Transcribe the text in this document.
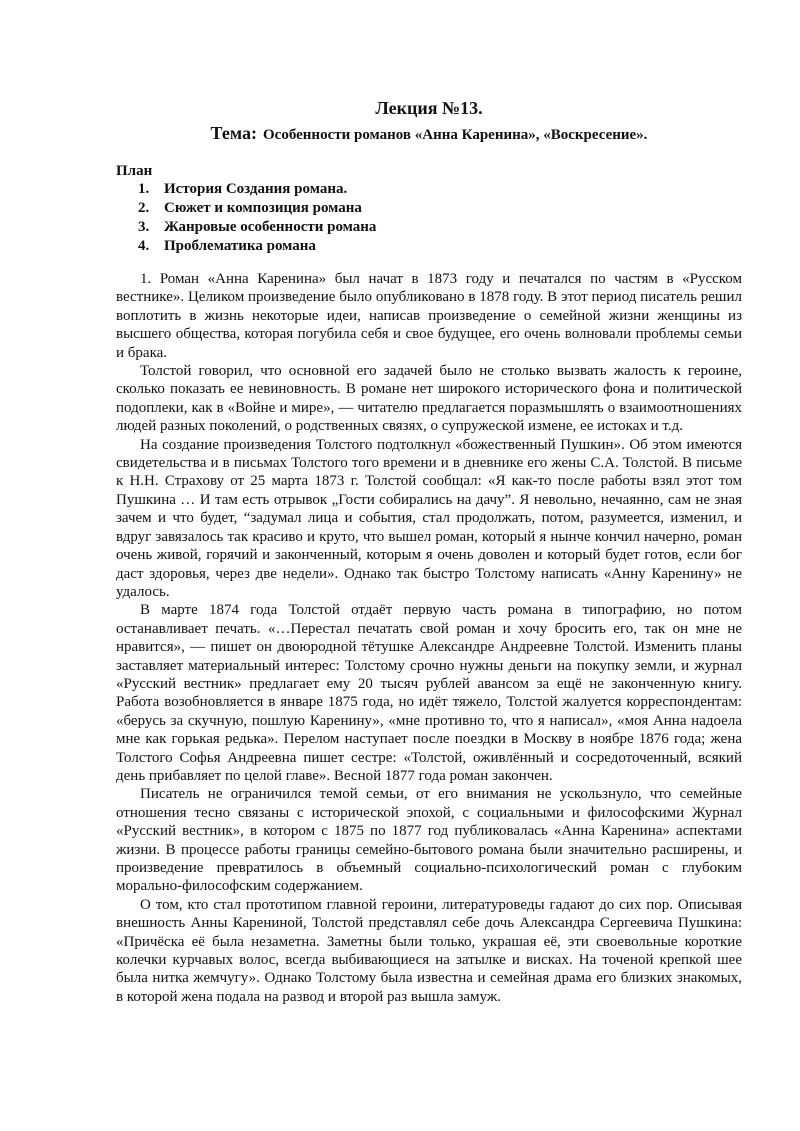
Лекция №13.
Тема: Особенности романов «Анна Каренина», «Воскресение».
План
1. История Создания романа.
2. Сюжет и композиция романа
3. Жанровые особенности романа
4. Проблематика романа

1. Роман «Анна Каренина» был начат в 1873 году и печатался по частям в «Русском вестнике». Целиком произведение было опубликовано в 1878 году. В этот период писатель решил воплотить в жизнь некоторые идеи, написав произведение о семейной жизни женщины из высшего общества, которая погубила себя и свое будущее, его очень волновали проблемы семьи и брака.

Толстой говорил, что основной его задачей было не столько вызвать жалость к героине, сколько показать ее невиновность. В романе нет широкого исторического фона и политической подоплеки, как в «Войне и мире», — читателю предлагается поразмышлять о взаимоотношениях людей разных поколений, о родственных связях, о супружеской измене, ее истоках и т.д.

На создание произведения Толстого подтолкнул «божественный Пушкин». Об этом имеются свидетельства и в письмах Толстого того времени и в дневнике его жены С.А. Толстой. В письме к Н.Н. Страхову от 25 марта 1873 г. Толстой сообщал: «Я как-то после работы взял этот том Пушкина … И там есть отрывок „Гости собирались на дачу”. Я невольно, нечаянно, сам не зная зачем и что будет, “задумал лица и события, стал продолжать, потом, разумеется, изменил, и вдруг завязалось так красиво и круто, что вышел роман, который я нынче кончил начерно, роман очень живой, горячий и законченный, которым я очень доволен и который будет готов, если бог даст здоровья, через две недели». Однако так быстро Толстому написать «Анну Каренину» не удалось.

В марте 1874 года Толстой отдаёт первую часть романа в типографию, но потом останавливает печать. «…Перестал печатать свой роман и хочу бросить его, так он мне не нравится», — пишет он двоюродной тётушке Александре Андреевне Толстой. Изменить планы заставляет материальный интерес: Толстому срочно нужны деньги на покупку земли, и журнал «Русский вестник» предлагает ему 20 тысяч рублей авансом за ещё не законченную книгу. Работа возобновляется в январе 1875 года, но идёт тяжело, Толстой жалуется корреспондентам: «берусь за скучную, пошлую Каренину», «мне противно то, что я написал», «моя Анна надоела мне как горькая редька». Перелом наступает после поездки в Москву в ноябре 1876 года; жена Толстого Софья Андреевна пишет сестре: «Толстой, оживлённый и сосредоточенный, всякий день прибавляет по целой главе». Весной 1877 года роман закончен.

Писатель не ограничился темой семьи, от его внимания не ускользнуло, что семейные отношения тесно связаны с исторической эпохой, с социальными и философскими Журнал «Русский вестник», в котором с 1875 по 1877 год публиковалась «Анна Каренина» аспектами жизни. В процессе работы границы семейно-бытового романа были значительно расширены, и произведение превратилось в объемный социально-психологический роман с глубоким морально-философским содержанием.

О том, кто стал прототипом главной героини, литературоведы гадают до сих пор. Описывая внешность Анны Карениной, Толстой представлял себе дочь Александра Сергеевича Пушкина: «Причёска её была незаметна. Заметны были только, украшая её, эти своевольные короткие колечки курчавых волос, всегда выбивающиеся на затылке и висках. На точеной крепкой шее была нитка жемчугу». Однако Толстому была известна и семейная драма его близких знакомых, в которой жена подала на развод и второй раз вышла замуж.
